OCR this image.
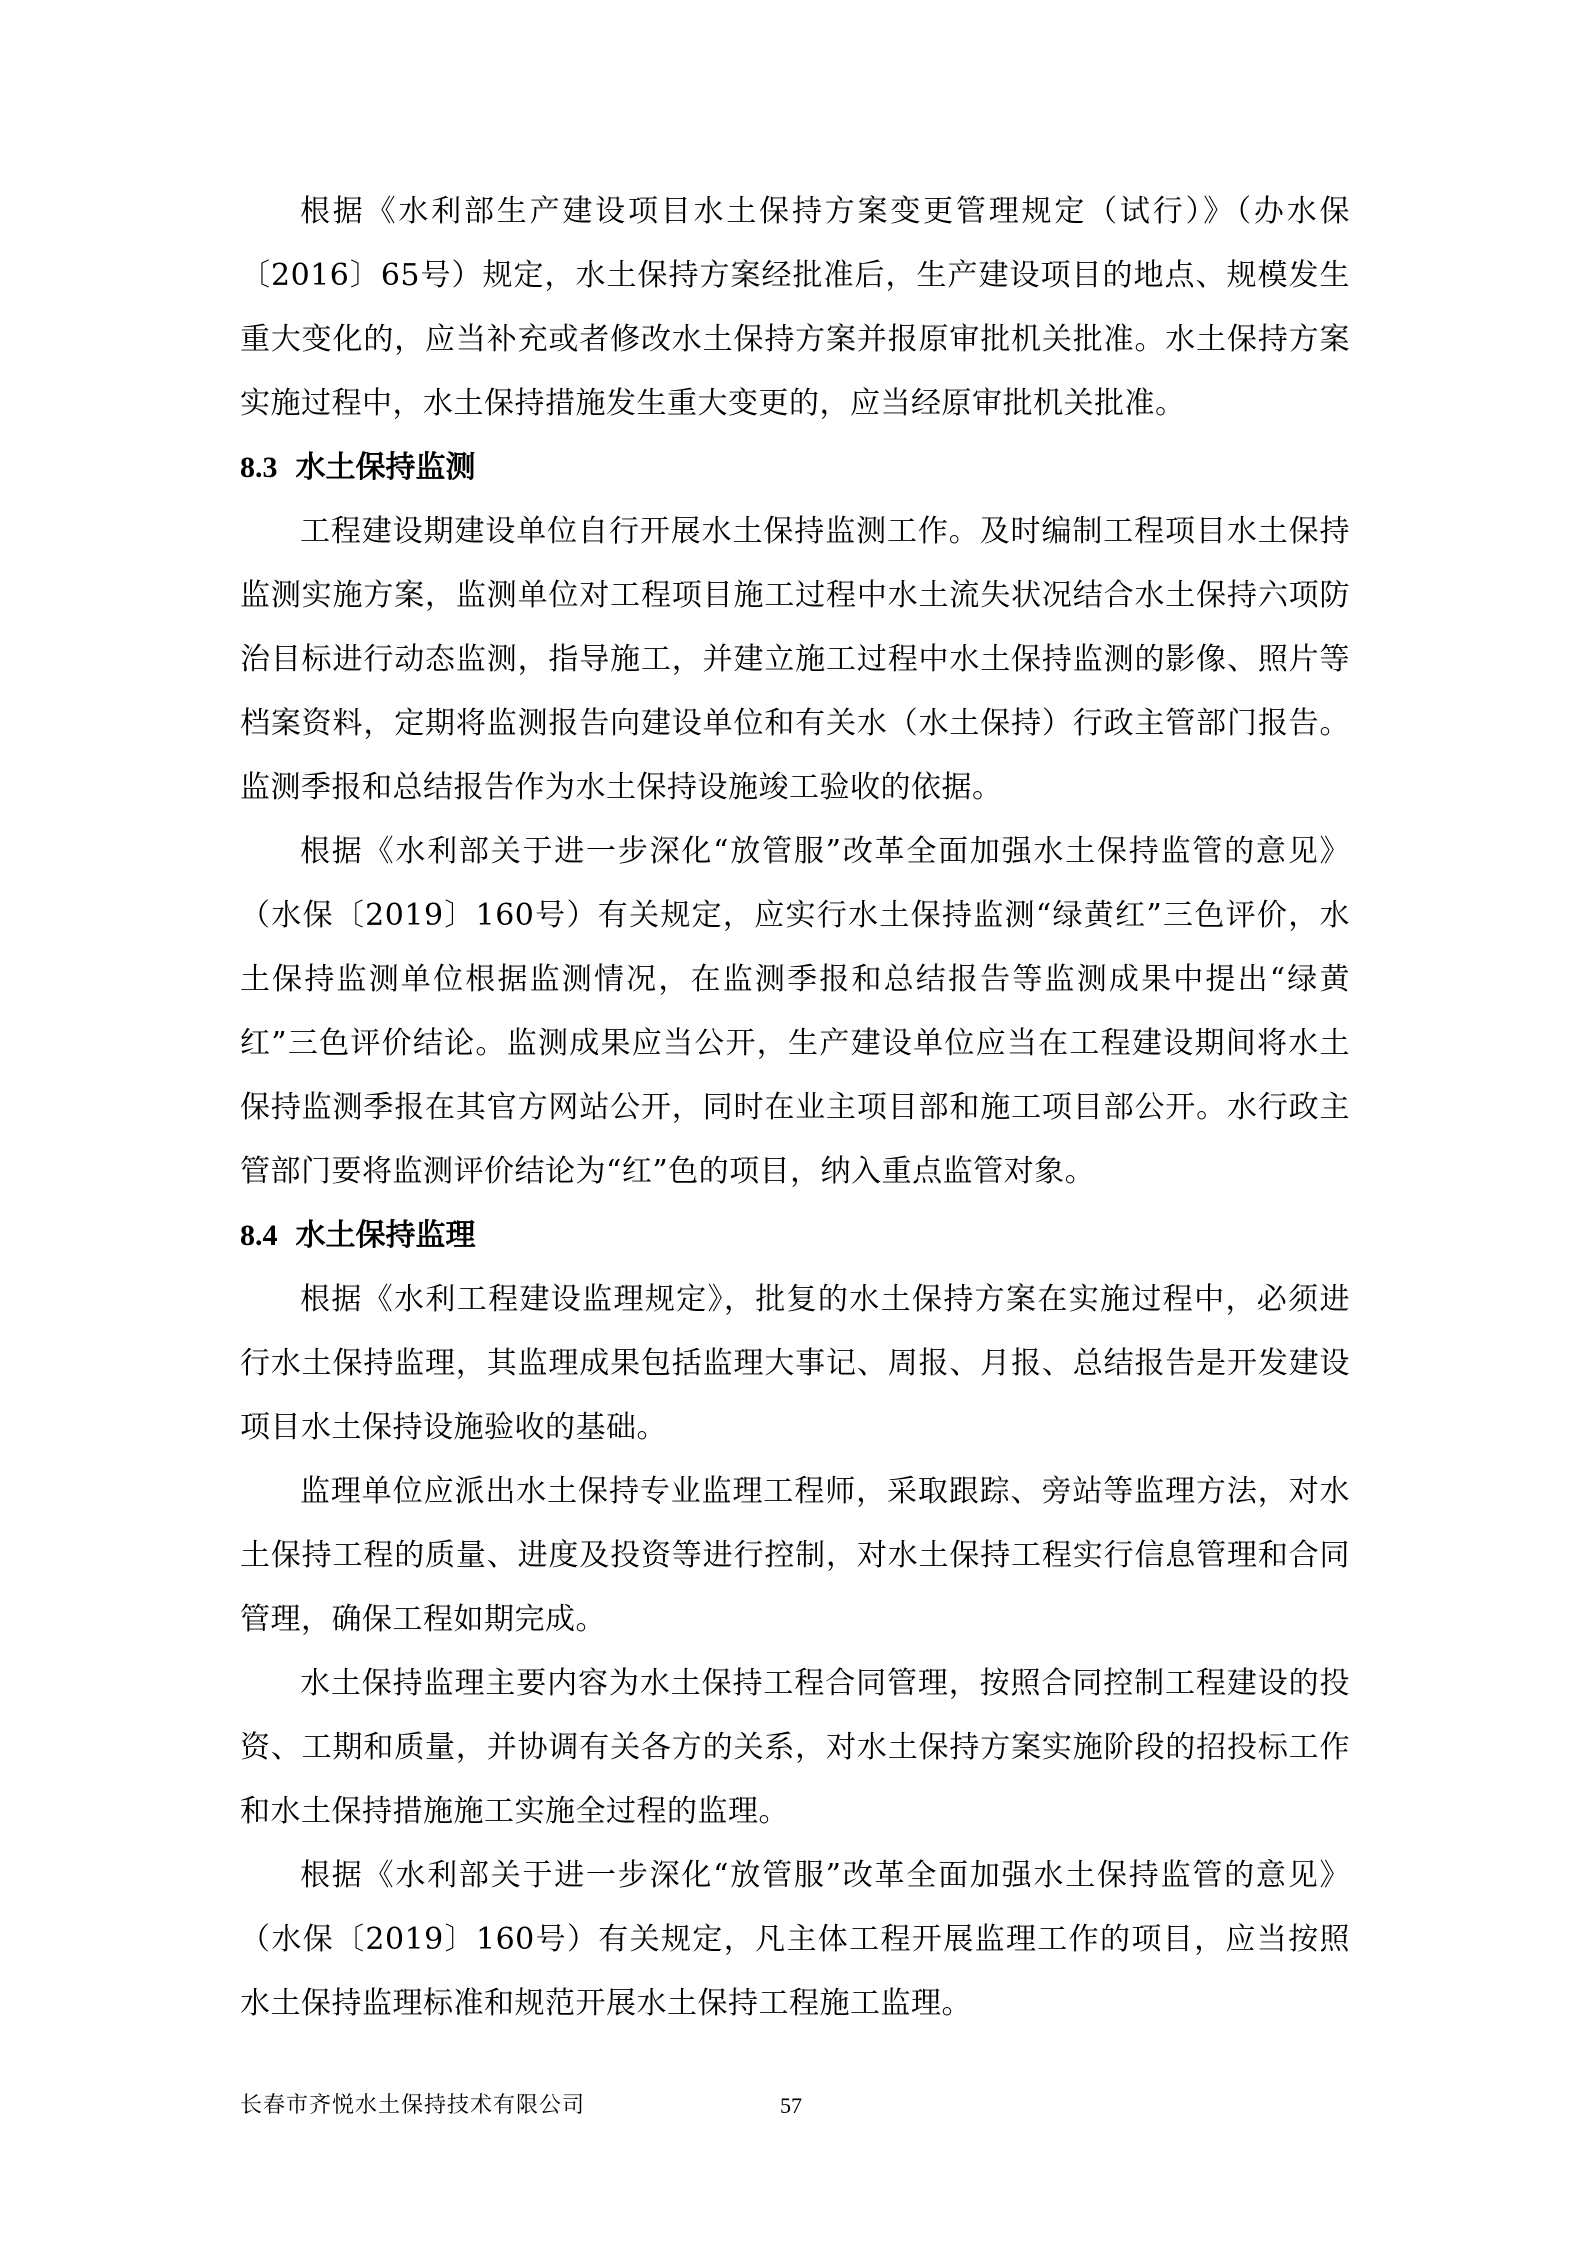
根据《水利部生产建设项目水土保持方案变更管理规定（试行）》（办水保〔2016〕65号）规定，水土保持方案经批准后，生产建设项目的地点、规模发生重大变化的，应当补充或者修改水土保持方案并报原审批机关批准。水土保持方案实施过程中，水土保持措施发生重大变更的，应当经原审批机关批准。

8.3 水土保持监测

工程建设期建设单位自行开展水土保持监测工作。及时编制工程项目水土保持监测实施方案，监测单位对工程项目施工过程中水土流失状况结合水土保持六项防治目标进行动态监测，指导施工，并建立施工过程中水土保持监测的影像、照片等档案资料，定期将监测报告向建设单位和有关水（水土保持）行政主管部门报告。监测季报和总结报告作为水土保持设施竣工验收的依据。

根据《水利部关于进一步深化“放管服”改革全面加强水土保持监管的意见》（水保〔2019〕160号）有关规定，应实行水土保持监测“绿黄红”三色评价，水土保持监测单位根据监测情况，在监测季报和总结报告等监测成果中提出“绿黄红”三色评价结论。监测成果应当公开，生产建设单位应当在工程建设期间将水土保持监测季报在其官方网站公开，同时在业主项目部和施工项目部公开。水行政主管部门要将监测评价结论为“红”色的项目，纳入重点监管对象。

8.4 水土保持监理

根据《水利工程建设监理规定》，批复的水土保持方案在实施过程中，必须进行水土保持监理，其监理成果包括监理大事记、周报、月报、总结报告是开发建设项目水土保持设施验收的基础。

监理单位应派出水土保持专业监理工程师，采取跟踪、旁站等监理方法，对水土保持工程的质量、进度及投资等进行控制，对水土保持工程实行信息管理和合同管理，确保工程如期完成。

水土保持监理主要内容为水土保持工程合同管理，按照合同控制工程建设的投资、工期和质量，并协调有关各方的关系，对水土保持方案实施阶段的招投标工作和水土保持措施施工实施全过程的监理。

根据《水利部关于进一步深化“放管服”改革全面加强水土保持监管的意见》（水保〔2019〕160号）有关规定，凡主体工程开展监理工作的项目，应当按照水土保持监理标准和规范开展水土保持工程施工监理。

长春市齐悦水土保持技术有限公司	57
